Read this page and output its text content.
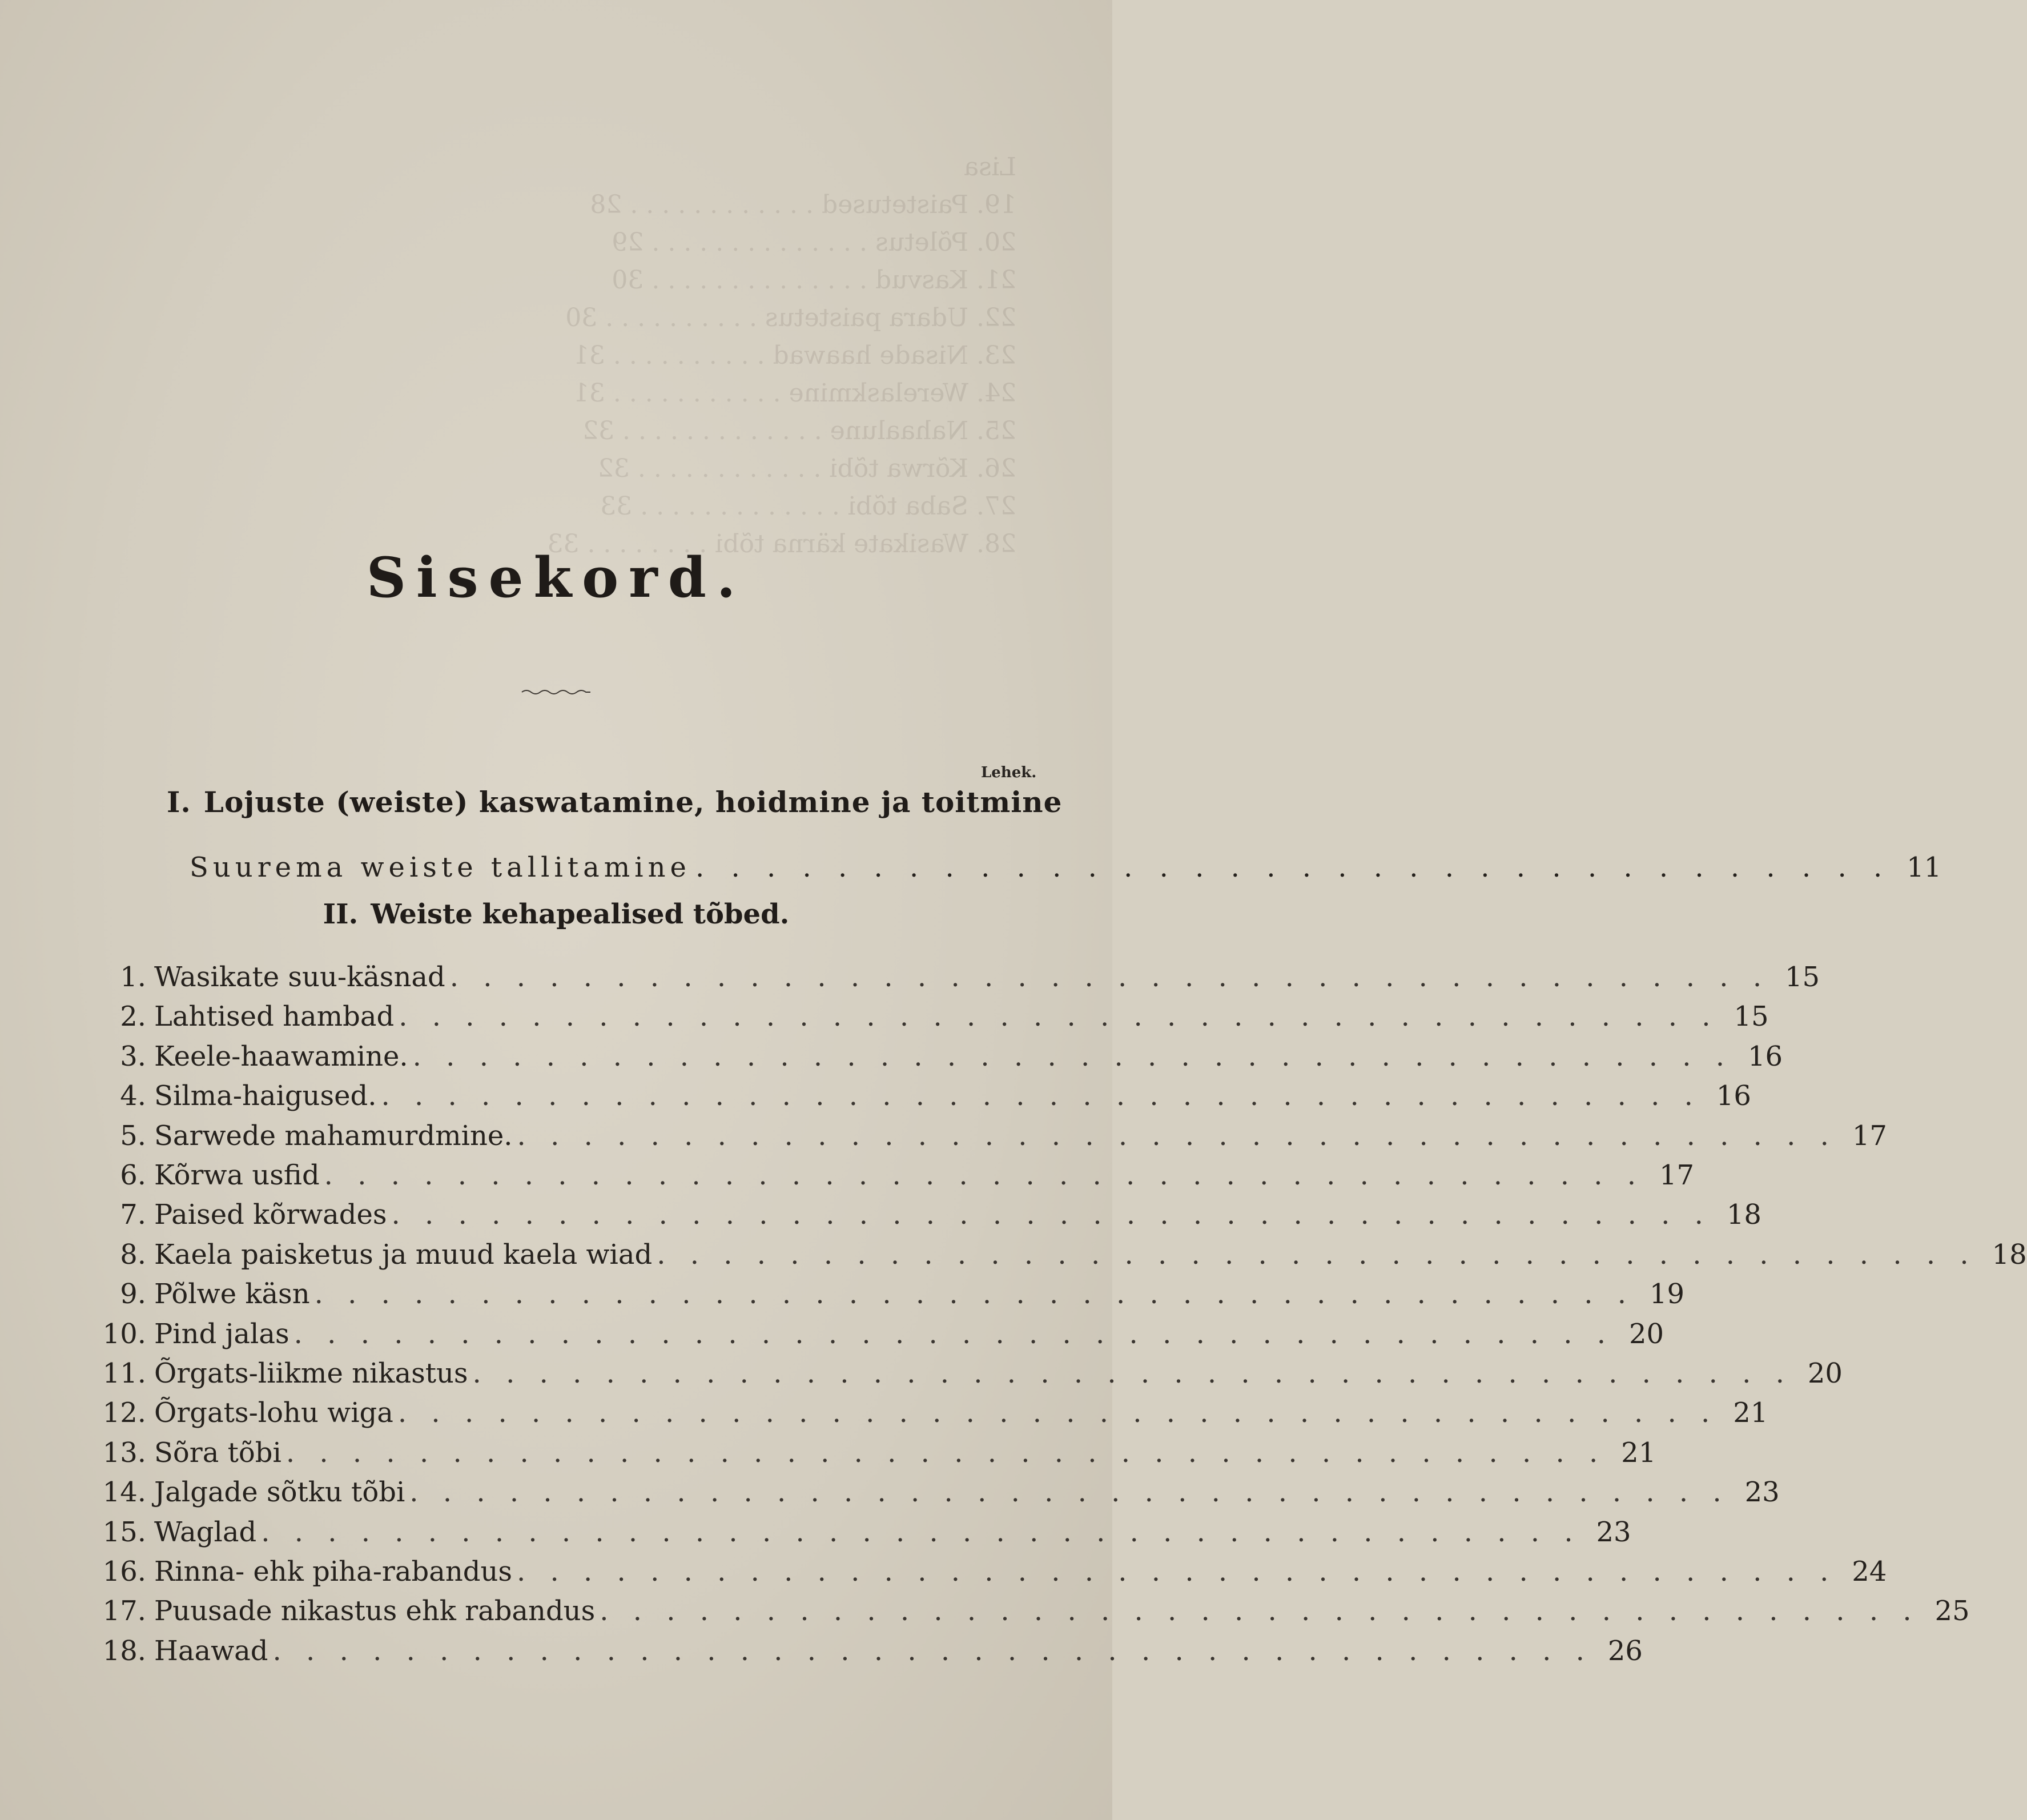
Lisa
19. Paistetused . . . . . . . . . . . . 28
20. Põletus . . . . . . . . . . . . . . 29
21. Kasvud . . . . . . . . . . . . . . 30
22. Udara paistetus . . . . . . . . . . 30
23. Nisade haawad . . . . . . . . . . 31
24. Werelaskmine . . . . . . . . . . . 31
25. Nahaalune . . . . . . . . . . . . . 32
26. Kõrwa tõbi . . . . . . . . . . . . 32
27. Saba tõbi . . . . . . . . . . . . . 33
28. Wasikate kärna tõbi . . . . . . . . 33
Sisekord.
Lehek.
I. Lojuste (weiste) kaswatamine, hoidmine ja toitmine
Suurema weiste tallitamine . . . . . . . . . . . . . . . . . . . . . . . . . . . . . . . . . . 11
II. Weiste kehapealised tõbed.
1. Wasikate suu-käsnad . . . . . . . . . . . . . . . . . . . . . . . . . . . . . . . . . . . . . . . . 15
2. Lahtised hambad . . . . . . . . . . . . . . . . . . . . . . . . . . . . . . . . . . . . . . . . 15
3. Keele-haawamine. . . . . . . . . . . . . . . . . . . . . . . . . . . . . . . . . . . . . . . . . 16
4. Silma-haigused. . . . . . . . . . . . . . . . . . . . . . . . . . . . . . . . . . . . . . . . . 16
5. Sarwede mahamurdmine. . . . . . . . . . . . . . . . . . . . . . . . . . . . . . . . . . . . . . . . . 17
6. Kõrwa usfid . . . . . . . . . . . . . . . . . . . . . . . . . . . . . . . . . . . . . . . . 17
7. Paised kõrwades . . . . . . . . . . . . . . . . . . . . . . . . . . . . . . . . . . . . . . . . 18
8. Kaela paisketus ja muud kaela wiad . . . . . . . . . . . . . . . . . . . . . . . . . . . . . . . . . . . . . . . . 18
9. Põlwe käsn . . . . . . . . . . . . . . . . . . . . . . . . . . . . . . . . . . . . . . . . 19
10. Pind jalas . . . . . . . . . . . . . . . . . . . . . . . . . . . . . . . . . . . . . . . . 20
11. Õrgats-liikme nikastus . . . . . . . . . . . . . . . . . . . . . . . . . . . . . . . . . . . . . . . . 20
12. Õrgats-lohu wiga . . . . . . . . . . . . . . . . . . . . . . . . . . . . . . . . . . . . . . . . 21
13. Sõra tõbi . . . . . . . . . . . . . . . . . . . . . . . . . . . . . . . . . . . . . . . . 21
14. Jalgade sõtku tõbi . . . . . . . . . . . . . . . . . . . . . . . . . . . . . . . . . . . . . . . . 23
15. Waglad . . . . . . . . . . . . . . . . . . . . . . . . . . . . . . . . . . . . . . . . 23
16. Rinna- ehk piha-rabandus . . . . . . . . . . . . . . . . . . . . . . . . . . . . . . . . . . . . . . . . 24
17. Puusade nikastus ehk rabandus . . . . . . . . . . . . . . . . . . . . . . . . . . . . . . . . . . . . . . . . 25
18. Haawad . . . . . . . . . . . . . . . . . . . . . . . . . . . . . . . . . . . . . . . . 26
